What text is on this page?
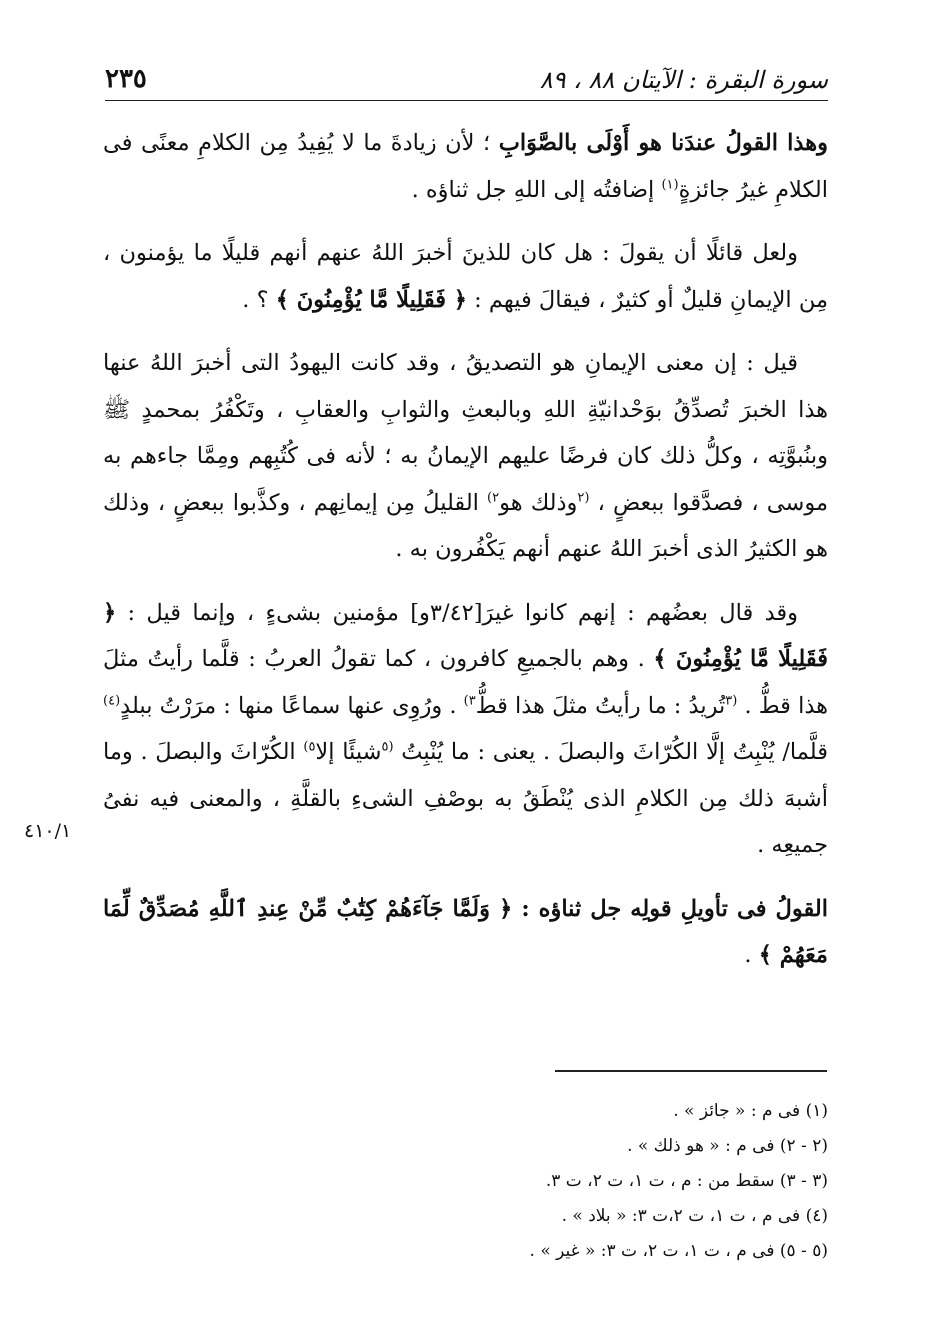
سورة البقرة : الآيتان ٨٨ ، ٨٩
٢٣٥
٤١٠/١

وهذا القولُ عندَنا هو أَوْلَى بالصَّوَابِ ؛ لأن زيادةَ ما لا يُفِيدُ مِن الكلامِ معنًى فى الكلامِ غيرُ جائزةٍ$^{(١)}$ إضافتُه إلى اللهِ جل ثناؤه .

ولعل قائلًا أن يقولَ : هل كان للذينَ أخبرَ اللهُ عنهم أنهم قليلًا ما يؤمنون ، مِن الإيمانِ قليلٌ أو كثيرٌ ، فيقالَ فيهم : ﴿ فَقَلِيلًا مَّا يُؤْمِنُونَ ﴾ ؟ .

قيل : إن معنى الإيمانِ هو التصديقُ ، وقد كانت اليهودُ التى أخبرَ اللهُ عنها هذا الخبرَ تُصدِّقُ بوَحْدانيّةِ اللهِ وبالبعثِ والثوابِ والعقابِ ، وتَكْفُرُ بمحمدٍ ﷺ وبنُبوَّتِه ، وكلُّ ذلك كان فرضًا عليهم الإيمانُ به ؛ لأنه فى كُتُبِهم ومِمَّا جاءهم به موسى ، فصدَّقوا ببعضٍ ، $^{(٢}$وذلك هو$^{٢)}$ القليلُ مِن إيمانِهم ، وكذَّبوا ببعضٍ ، وذلك هو الكثيرُ الذى أخبرَ اللهُ عنهم أنهم يَكْفُرون به .

وقد قال بعضُهم : إنهم كانوا غيرَ[٣/٤٢و] مؤمنين بشىءٍ ، وإنما قيل : ﴿ فَقَلِيلًا مَّا يُؤْمِنُونَ ﴾ . وهم بالجميعِ كافرون ، كما تقولُ العربُ : قلَّما رأيتُ مثلَ هذا قطُّ . $^{(٣}$تُريدُ : ما رأيتُ مثلَ هذا قطُّ$^{٣)}$ . ورُوِى عنها سماعًا منها : مرَرْتُ ببلدٍ$^{(٤)}$ قلَّما/ يُنْبِتُ إلَّا الكُرّاثَ والبصلَ . يعنى : ما يُنْبِتُ $^{(٥}$شيئًا إلا$^{٥)}$ الكُرّاثَ والبصلَ . وما أشبهَ ذلك مِن الكلامِ الذى يُنْطَقُ به بوصْفِ الشىءِ بالقلَّةِ ، والمعنى فيه نفىُ جميعِه .

القولُ فى تأويلِ قولِه جل ثناؤه : ﴿ وَلَمَّا جَآءَهُمْ كِتَٰبٌ مِّنْ عِندِ ٱللَّهِ مُصَدِّقٌ لِّمَا مَعَهُمْ ﴾ .

(١) فى م : « جائز » .
(٢ - ٢) فى م : « هو ذلك » .
(٣ - ٣) سقط من : م ، ت ١، ت ٢، ت ٣.
(٤) فى م ، ت ١، ت ٢،ت ٣: « بلاد » .
(٥ - ٥) فى م ، ت ١، ت ٢، ت ٣: « غير » .
